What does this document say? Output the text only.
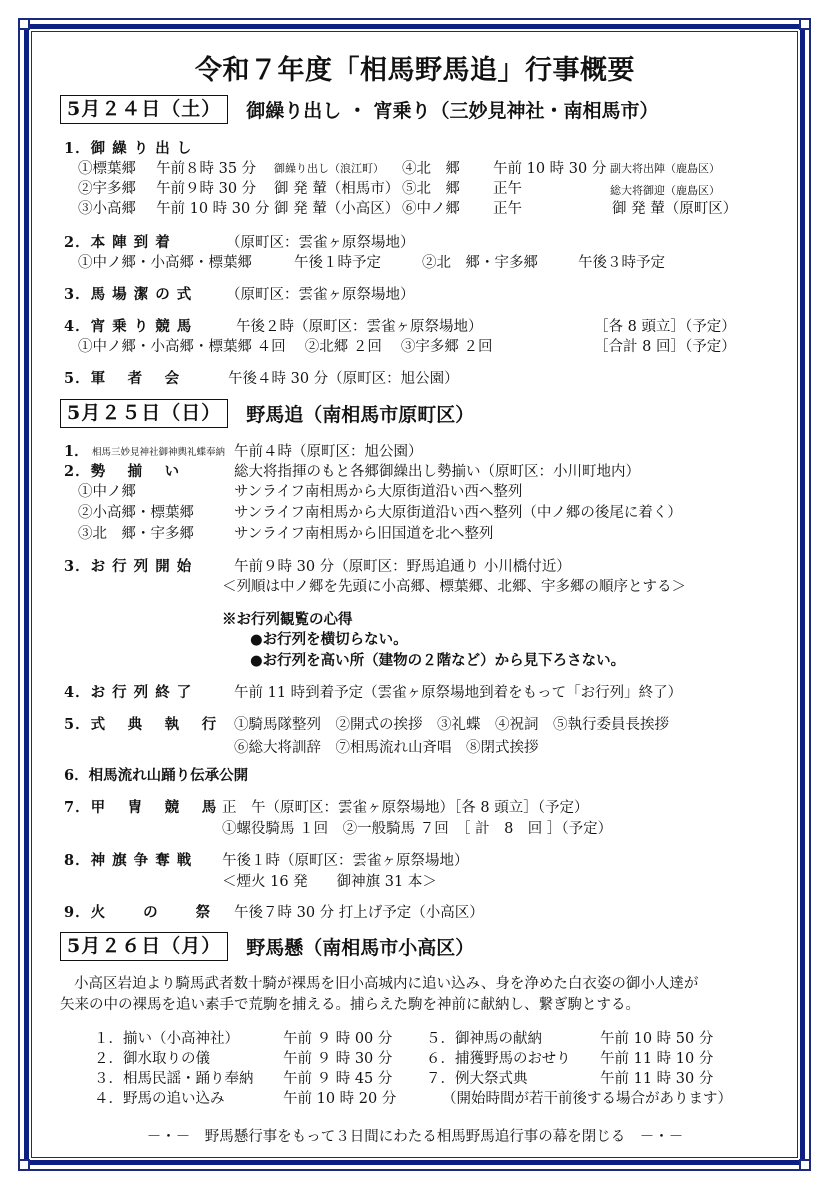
令和７年度「相馬野馬追」行事概要
5月２４日（土）	御繰り出し ・ 宵乗り（三妙見神社・南相馬市）
1．御 繰 り 出 し
①標葉郷 午前８時 35 分 御繰り出し（浪江町） ④北　郷 午前 10 時 30 分 副大将出陣（鹿島区）
②宇多郷 午前９時 30 分 御 発 輦（相馬市） ⑤北　郷 正午	総大将御迎（鹿島区）
③小高郷 午前 10 時 30 分 御 発 輦（小高区） ⑥中ノ郷 正午	御 発 輦（原町区）
2．本 陣 到 着	（原町区：雲雀ヶ原祭場地）
①中ノ郷・小高郷・標葉郷	午後１時予定	②北　郷・宇多郷	午後３時予定
3．馬 場 潔 の 式 （原町区：雲雀ヶ原祭場地）
4．宵 乗 り 競 馬	午後２時（原町区：雲雀ヶ原祭場地）	［各 8 頭立］（予定）
①中ノ郷・小高郷・標葉郷 ４回　 ②北郷 ２回　 ③宇多郷 ２回	［合計 8 回］（予定）
5．軍　 者　 会	午後４時 30 分（原町区：旭公園）
5月２５日（日）	野馬追（南相馬市原町区）
1． 相馬三妙見神社御神輿礼蝶奉納 午前４時（原町区：旭公園）
2．勢　 揃　 い	総大将指揮のもと各郷御繰出し勢揃い（原町区：小川町地内）
①中ノ郷	サンライフ南相馬から大原街道沿い西へ整列
②小高郷・標葉郷	サンライフ南相馬から大原街道沿い西へ整列（中ノ郷の後尾に着く）
③北　郷・宇多郷	サンライフ南相馬から旧国道を北へ整列
3．お 行 列 開 始	午前９時 30 分（原町区：野馬追通り 小川橋付近）
＜列順は中ノ郷を先頭に小高郷、標葉郷、北郷、宇多郷の順序とする＞
※お行列観覧の心得
●お行列を横切らない。
●お行列を高い所（建物の２階など）から見下ろさない。
4．お 行 列 終 了	午前 11 時到着予定（雲雀ヶ原祭場地到着をもって「お行列」終了）
5．式　 典　 執　 行 ①騎馬隊整列　②開式の挨拶　③礼蝶　④祝詞　⑤執行委員長挨拶
⑥総大将訓辞　⑦相馬流れ山斉唱　⑧閉式挨拶
6．相馬流れ山踊り伝承公開
7．甲　 冑　 競　 馬 正　午（原町区：雲雀ヶ原祭場地）［各 8 頭立］（予定）
①螺役騎馬 １回　②一般騎馬 ７回　［ 計　8　回 ］（予定）
8．神 旗 争 奪 戦 午後１時（原町区：雲雀ヶ原祭場地）
＜煙火 16 発　　御神旗 31 本＞
9．火　　 の　　 祭 午後７時 30 分 打上げ予定（小高区）
5月２６日（月）	野馬懸（南相馬市小高区）
小高区岩迫より騎馬武者数十騎が裸馬を旧小高城内に追い込み、身を浄めた白衣姿の御小人達が
矢来の中の裸馬を追い素手で荒駒を捕える。捕らえた駒を神前に献納し、繋ぎ駒とする。
１．揃い（小高神社）	午前 ９ 時 00 分
２．御水取りの儀	午前 ９ 時 30 分
３．相馬民謡・踊り奉納 午前 ９ 時 45 分
４．野馬の追い込み	午前 10 時 20 分
５．御神馬の献納	午前 10 時 50 分
６．捕獲野馬のおせり 午前 11 時 10 分
７．例大祭式典	午前 11 時 30 分
（開始時間が若干前後する場合があります）
－・－　野馬懸行事をもって３日間にわたる相馬野馬追行事の幕を閉じる　－・－
